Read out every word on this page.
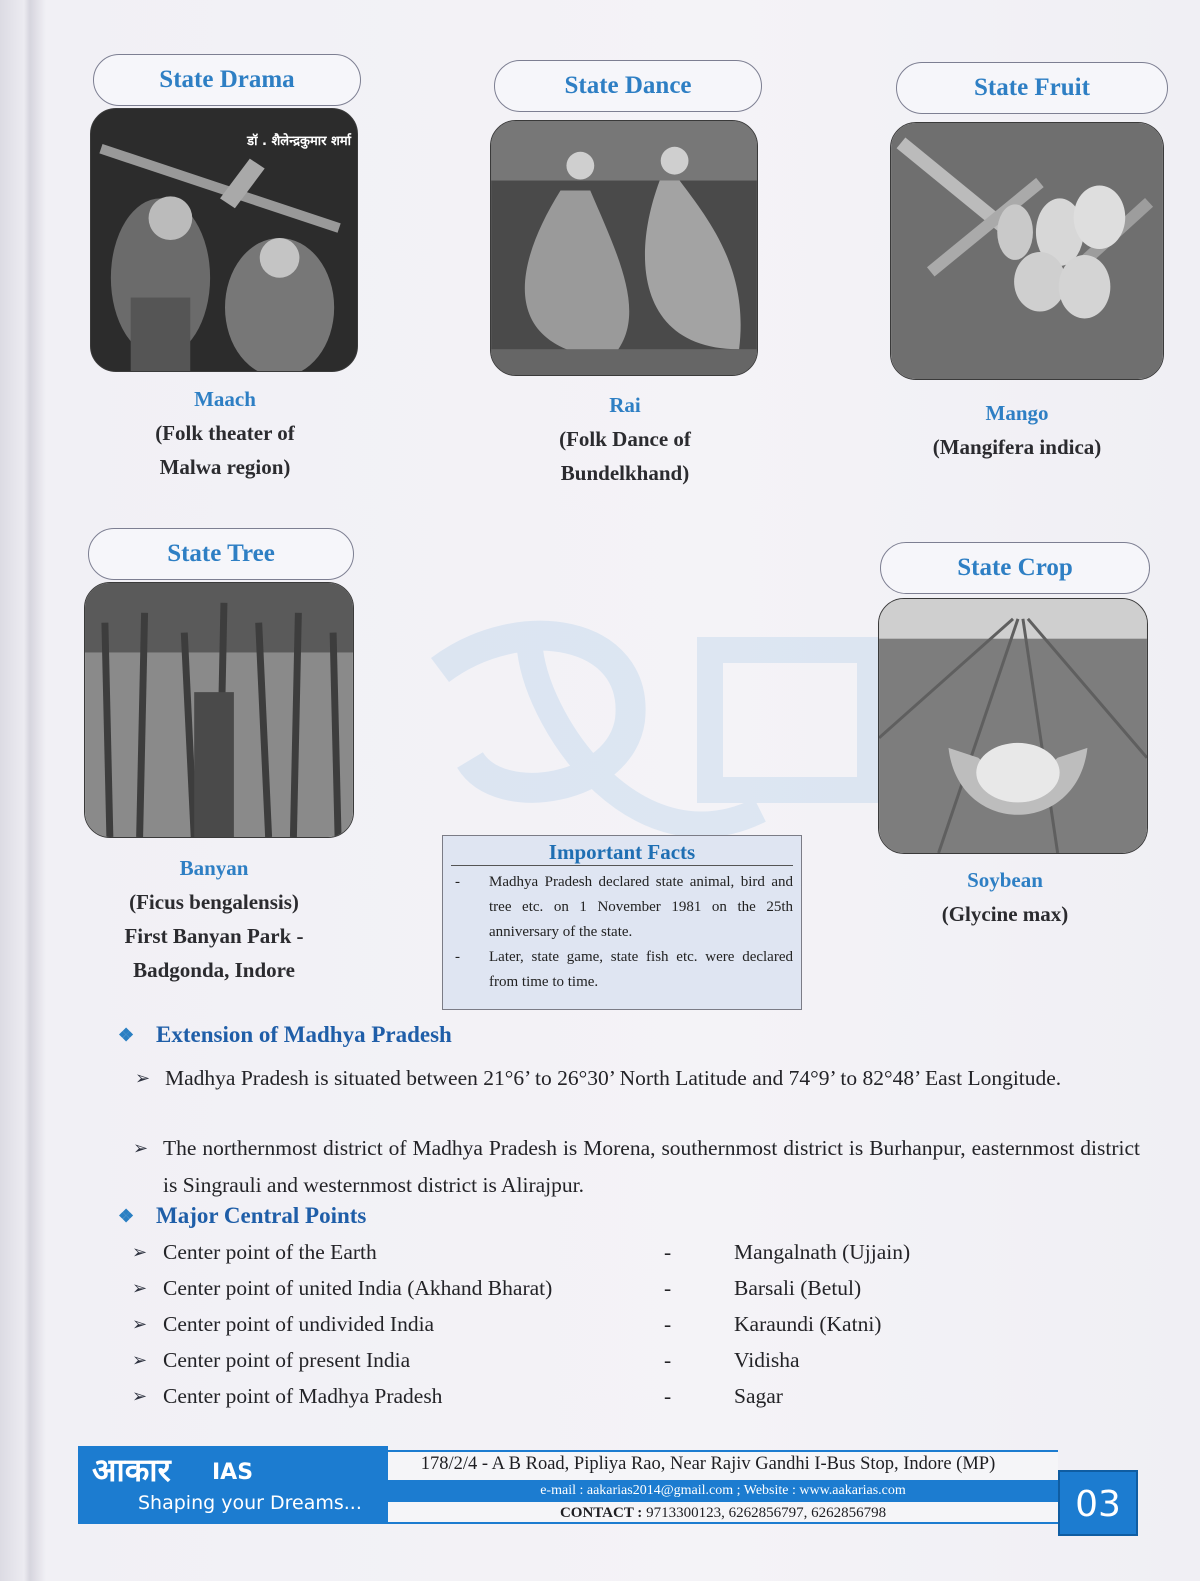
State Drama
डॉ . शैलेन्द्रकुमार शर्मा
Maach
(Folk theater of
Malwa region)
State Dance
Rai
(Folk Dance of
Bundelkhand)
State Fruit
Mango
(Mangifera indica)
State Tree
Banyan
(Ficus bengalensis)
First Banyan Park -
Badgonda, Indore
State Crop
Soybean
(Glycine max)
Important Facts
- Madhya Pradesh declared state animal, bird and tree etc. on 1 November 1981 on the 25th anniversary of the state.
- Later, state game, state fish etc. were declared from time to time.
❖ Extension of Madhya Pradesh
➢ Madhya Pradesh is situated between 21°6’ to 26°30’ North Latitude and 74°9’ to 82°48’ East Longitude.
➢ The northernmost district of Madhya Pradesh is Morena, southernmost district is Burhanpur, easternmost district is Singrauli and westernmost district is Alirajpur.
❖ Major Central Points
➢ Center point of the Earth	-	Mangalnath (Ujjain)
➢ Center point of united India (Akhand Bharat)	-	Barsali (Betul)
➢ Center point of undivided India	-	Karaundi (Katni)
➢ Center point of present India	-	Vidisha
➢ Center point of Madhya Pradesh	-	Sagar
आकार IAS
Shaping your Dreams...
178/2/4 - A B Road, Pipliya Rao, Near Rajiv Gandhi I-Bus Stop, Indore (MP)
e-mail : aakarias2014@gmail.com ; Website : www.aakarias.com
CONTACT : 9713300123, 6262856797, 6262856798	03
